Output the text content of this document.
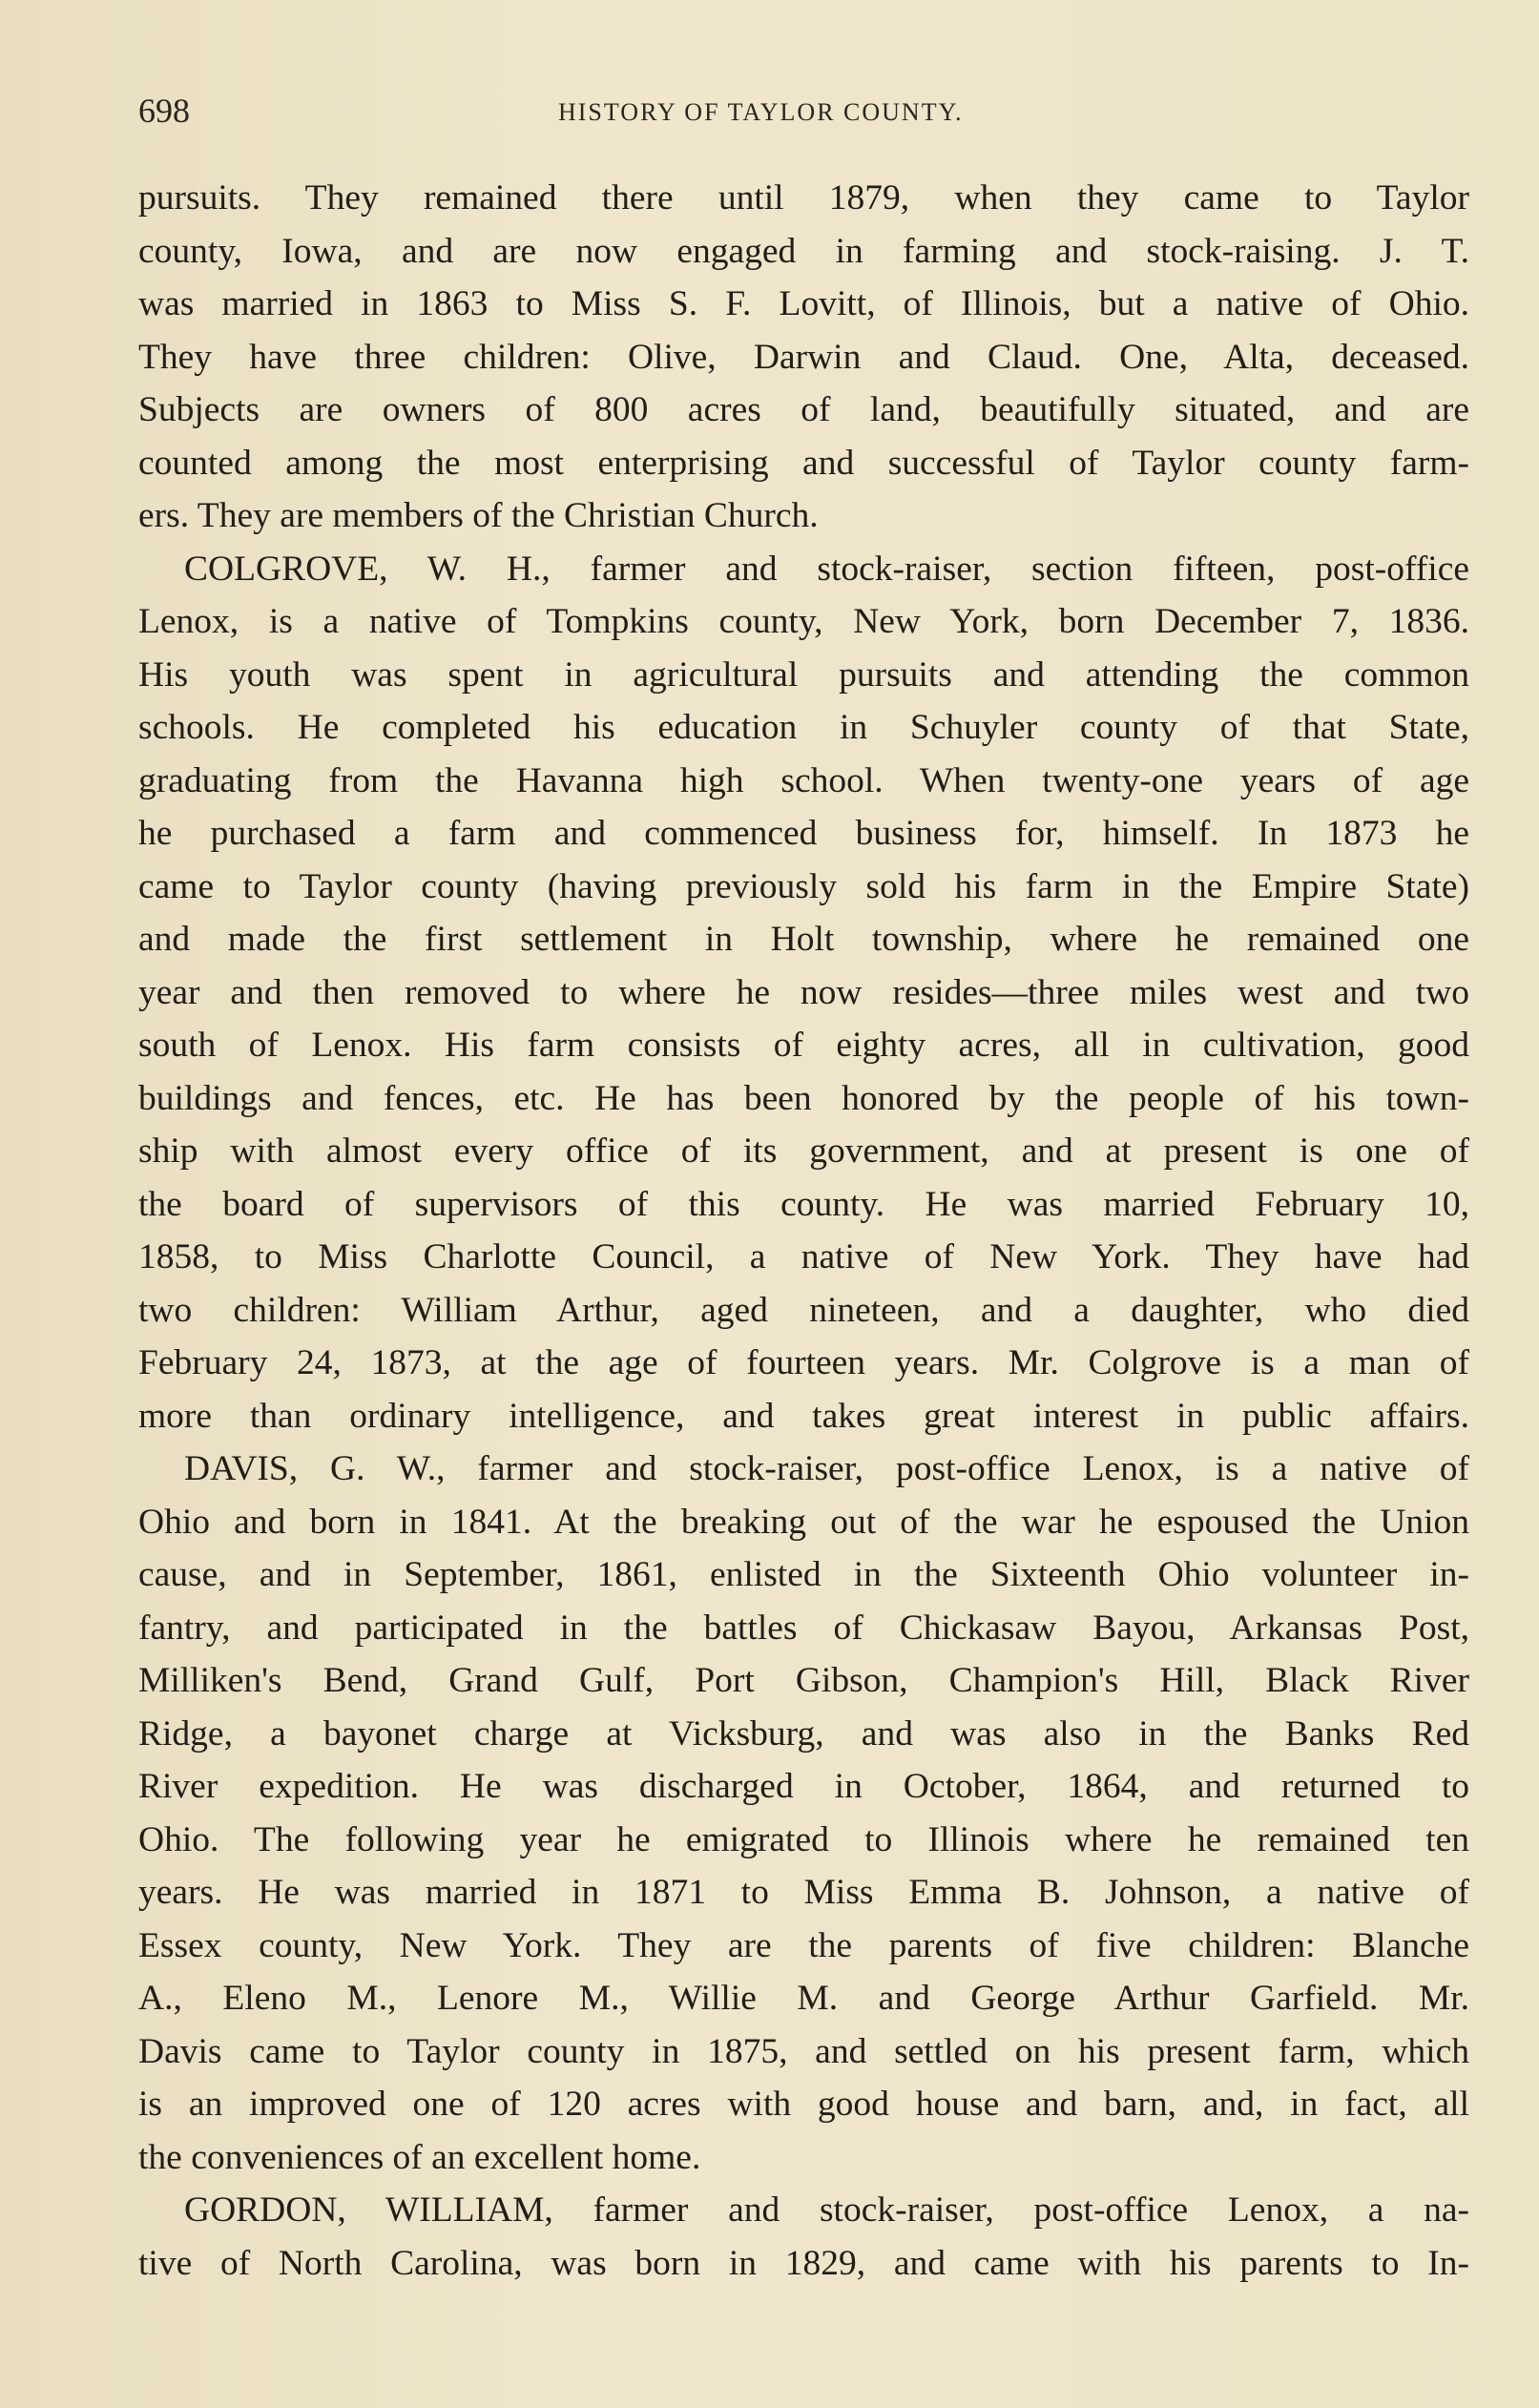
698	HISTORY OF TAYLOR COUNTY.
pursuits. They remained there until 1879, when they came to Taylor
county, Iowa, and are now engaged in farming and stock-raising. J. T.
was married in 1863 to Miss S. F. Lovitt, of Illinois, but a native of Ohio.
They have three children: Olive, Darwin and Claud. One, Alta, deceased.
Subjects are owners of 800 acres of land, beautifully situated, and are
counted among the most enterprising and successful of Taylor county farm-
ers. They are members of the Christian Church.
COLGROVE, W. H., farmer and stock-raiser, section fifteen, post-office
Lenox, is a native of Tompkins county, New York, born December 7, 1836.
His youth was spent in agricultural pursuits and attending the common
schools. He completed his education in Schuyler county of that State,
graduating from the Havanna high school. When twenty-one years of age
he purchased a farm and commenced business for, himself. In 1873 he
came to Taylor county (having previously sold his farm in the Empire State)
and made the first settlement in Holt township, where he remained one
year and then removed to where he now resides—three miles west and two
south of Lenox. His farm consists of eighty acres, all in cultivation, good
buildings and fences, etc. He has been honored by the people of his town-
ship with almost every office of its government, and at present is one of
the board of supervisors of this county. He was married February 10,
1858, to Miss Charlotte Council, a native of New York. They have had
two children: William Arthur, aged nineteen, and a daughter, who died
February 24, 1873, at the age of fourteen years. Mr. Colgrove is a man of
more than ordinary intelligence, and takes great interest in public affairs.
DAVIS, G. W., farmer and stock-raiser, post-office Lenox, is a native of
Ohio and born in 1841. At the breaking out of the war he espoused the Union
cause, and in September, 1861, enlisted in the Sixteenth Ohio volunteer in-
fantry, and participated in the battles of Chickasaw Bayou, Arkansas Post,
Milliken's Bend, Grand Gulf, Port Gibson, Champion's Hill, Black River
Ridge, a bayonet charge at Vicksburg, and was also in the Banks Red
River expedition. He was discharged in October, 1864, and returned to
Ohio. The following year he emigrated to Illinois where he remained ten
years. He was married in 1871 to Miss Emma B. Johnson, a native of
Essex county, New York. They are the parents of five children: Blanche
A., Eleno M., Lenore M., Willie M. and George Arthur Garfield. Mr.
Davis came to Taylor county in 1875, and settled on his present farm, which
is an improved one of 120 acres with good house and barn, and, in fact, all
the conveniences of an excellent home.
GORDON, WILLIAM, farmer and stock-raiser, post-office Lenox, a na-
tive of North Carolina, was born in 1829, and came with his parents to In-
